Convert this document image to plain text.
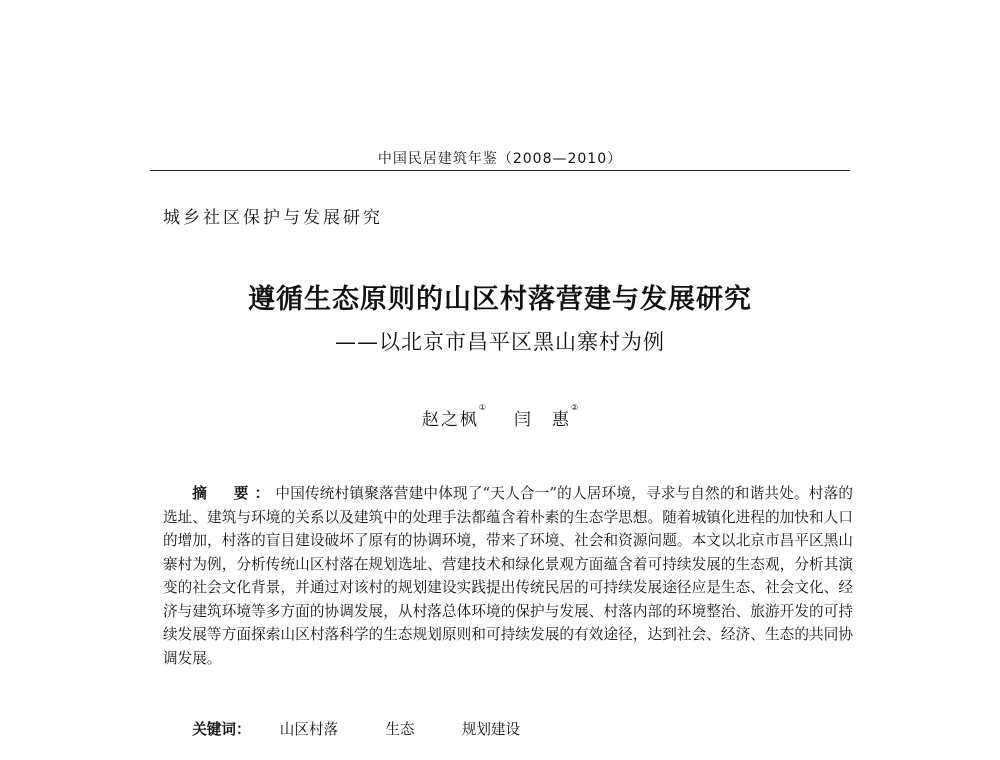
中国民居建筑年鉴（2008—2010）
城乡社区保护与发展研究
遵循生态原则的山区村落营建与发展研究
——以北京市昌平区黑山寨村为例
赵之枫①闫　惠②
摘　要：中国传统村镇聚落营建中体现了“天人合一”的人居环境，寻求与自然的和谐共处。村落的选址、建筑与环境的关系以及建筑中的处理手法都蕴含着朴素的生态学思想。随着城镇化进程的加快和人口的增加，村落的盲目建设破坏了原有的协调环境，带来了环境、社会和资源问题。本文以北京市昌平区黑山寨村为例，分析传统山区村落在规划选址、营建技术和绿化景观方面蕴含着可持续发展的生态观，分析其演变的社会文化背景，并通过对该村的规划建设实践提出传统民居的可持续发展途径应是生态、社会文化、经济与建筑环境等多方面的协调发展，从村落总体环境的保护与发展、村落内部的环境整治、旅游开发的可持续发展等方面探索山区村落科学的生态规划原则和可持续发展的有效途径，达到社会、经济、生态的共同协调发展。
关键词： 山区村落	生态	规划建设
